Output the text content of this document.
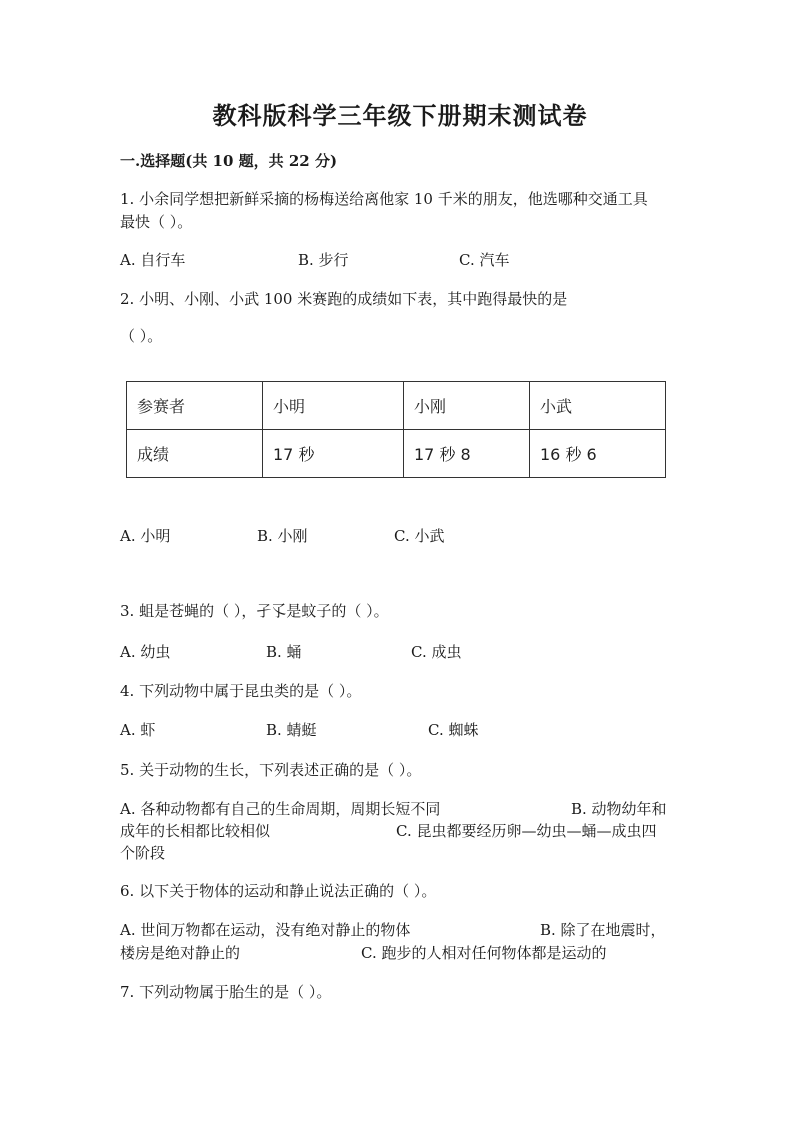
教科版科学三年级下册期末测试卷
一.选择题(共 10 题，共 22 分)
1. 小余同学想把新鲜采摘的杨梅送给离他家 10 千米的朋友，他选哪种交通工具
最快（ ）。
A. 自行车	B. 步行	C. 汽车
2. 小明、小刚、小武 100 米赛跑的成绩如下表，其中跑得最快的是
（ ）。
参赛者	小明	小刚	小武
成绩	17 秒	17 秒 8	16 秒 6
A. 小明	B. 小刚	C. 小武
3. 蛆是苍蝇的（ ），孑孓是蚊子的（ ）。
A. 幼虫	B. 蛹	C. 成虫
4. 下列动物中属于昆虫类的是（ ）。
A. 虾	B. 蜻蜓	C. 蜘蛛
5. 关于动物的生长，下列表述正确的是（ ）。
A. 各种动物都有自己的生命周期，周期长短不同	B. 动物幼年和
成年的长相都比较相似	C. 昆虫都要经历卵—幼虫—蛹—成虫四
个阶段
6. 以下关于物体的运动和静止说法正确的（ ）。
A. 世间万物都在运动，没有绝对静止的物体	B. 除了在地震时，
楼房是绝对静止的	C. 跑步的人相对任何物体都是运动的
7. 下列动物属于胎生的是（ ）。
